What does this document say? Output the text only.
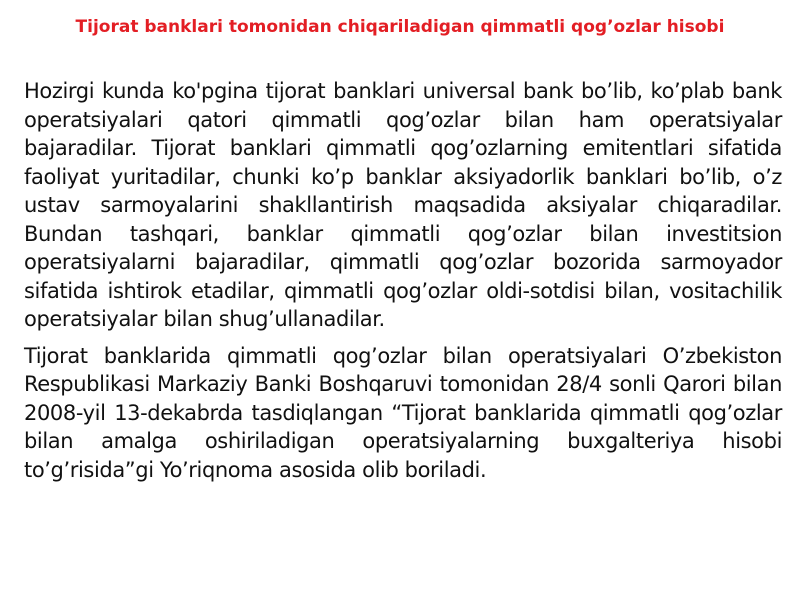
Tijorat banklari tomonidan chiqariladigan qimmatli qog’ozlar hisobi

Hozirgi kunda ko'pgina tijorat banklari universal bank bo’lib, ko’plab bank operatsiyalari qatori qimmatli qog’ozlar bilan ham operatsiyalar bajaradilar. Tijorat banklari qimmatli qog’ozlarning emitentlari sifatida faoliyat yuritadilar, chunki ko’p banklar aksiyadorlik banklari bo’lib, o’z ustav sarmoyalarini shakllantirish maqsadida aksiyalar chiqaradilar. Bundan tashqari, banklar qimmatli qog’ozlar bilan investitsion operatsiyalarni bajaradilar, qimmatli qog’ozlar bozorida sarmoyador sifatida ishtirok etadilar, qimmatli qog’ozlar oldi-sotdisi bilan, vositachilik operatsiyalar bilan shug’ullanadilar.

Tijorat banklarida qimmatli qog’ozlar bilan operatsiyalari O’zbekiston Respublikasi Markaziy Banki Boshqaruvi tomonidan 28/4 sonli Qarori bilan 2008-yil 13-dekabrda tasdiqlangan “Tijorat banklarida qimmatli qog’ozlar bilan amalga oshiriladigan operatsiyalarning buxgalteriya hisobi to’g’risida”gi Yo’riqnoma asosida olib boriladi.
